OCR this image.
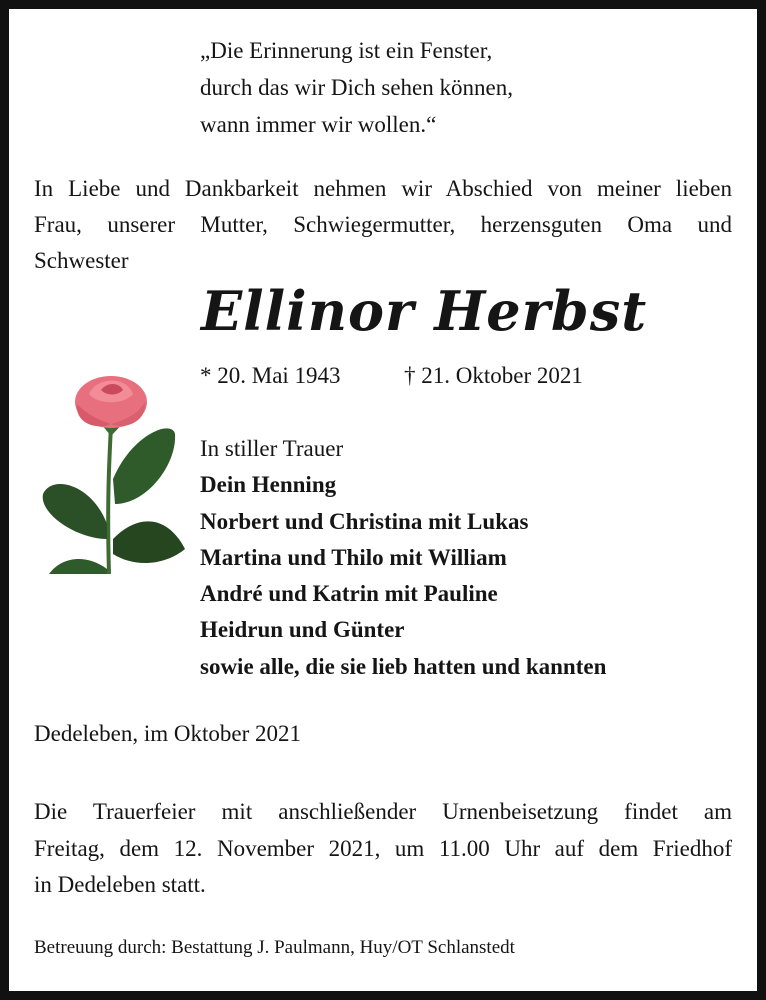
„Die Erinnerung ist ein Fenster,
durch das wir Dich sehen können,
wann immer wir wollen.“
In Liebe und Dankbarkeit nehmen wir Abschied von meiner lieben
Frau, unserer Mutter, Schwiegermutter, herzensguten Oma und
Schwester
Ellinor Herbst
* 20. Mai 1943	† 21. Oktober 2021
In stiller Trauer
Dein Henning
Norbert und Christina mit Lukas
Martina und Thilo mit William
André und Katrin mit Pauline
Heidrun und Günter
sowie alle, die sie lieb hatten und kannten
Dedeleben, im Oktober 2021
Die Trauerfeier mit anschließender Urnenbeisetzung findet am
Freitag, dem 12. November 2021, um 11.00 Uhr auf dem Friedhof
in Dedeleben statt.
Betreuung durch: Bestattung J. Paulmann, Huy/OT Schlanstedt
